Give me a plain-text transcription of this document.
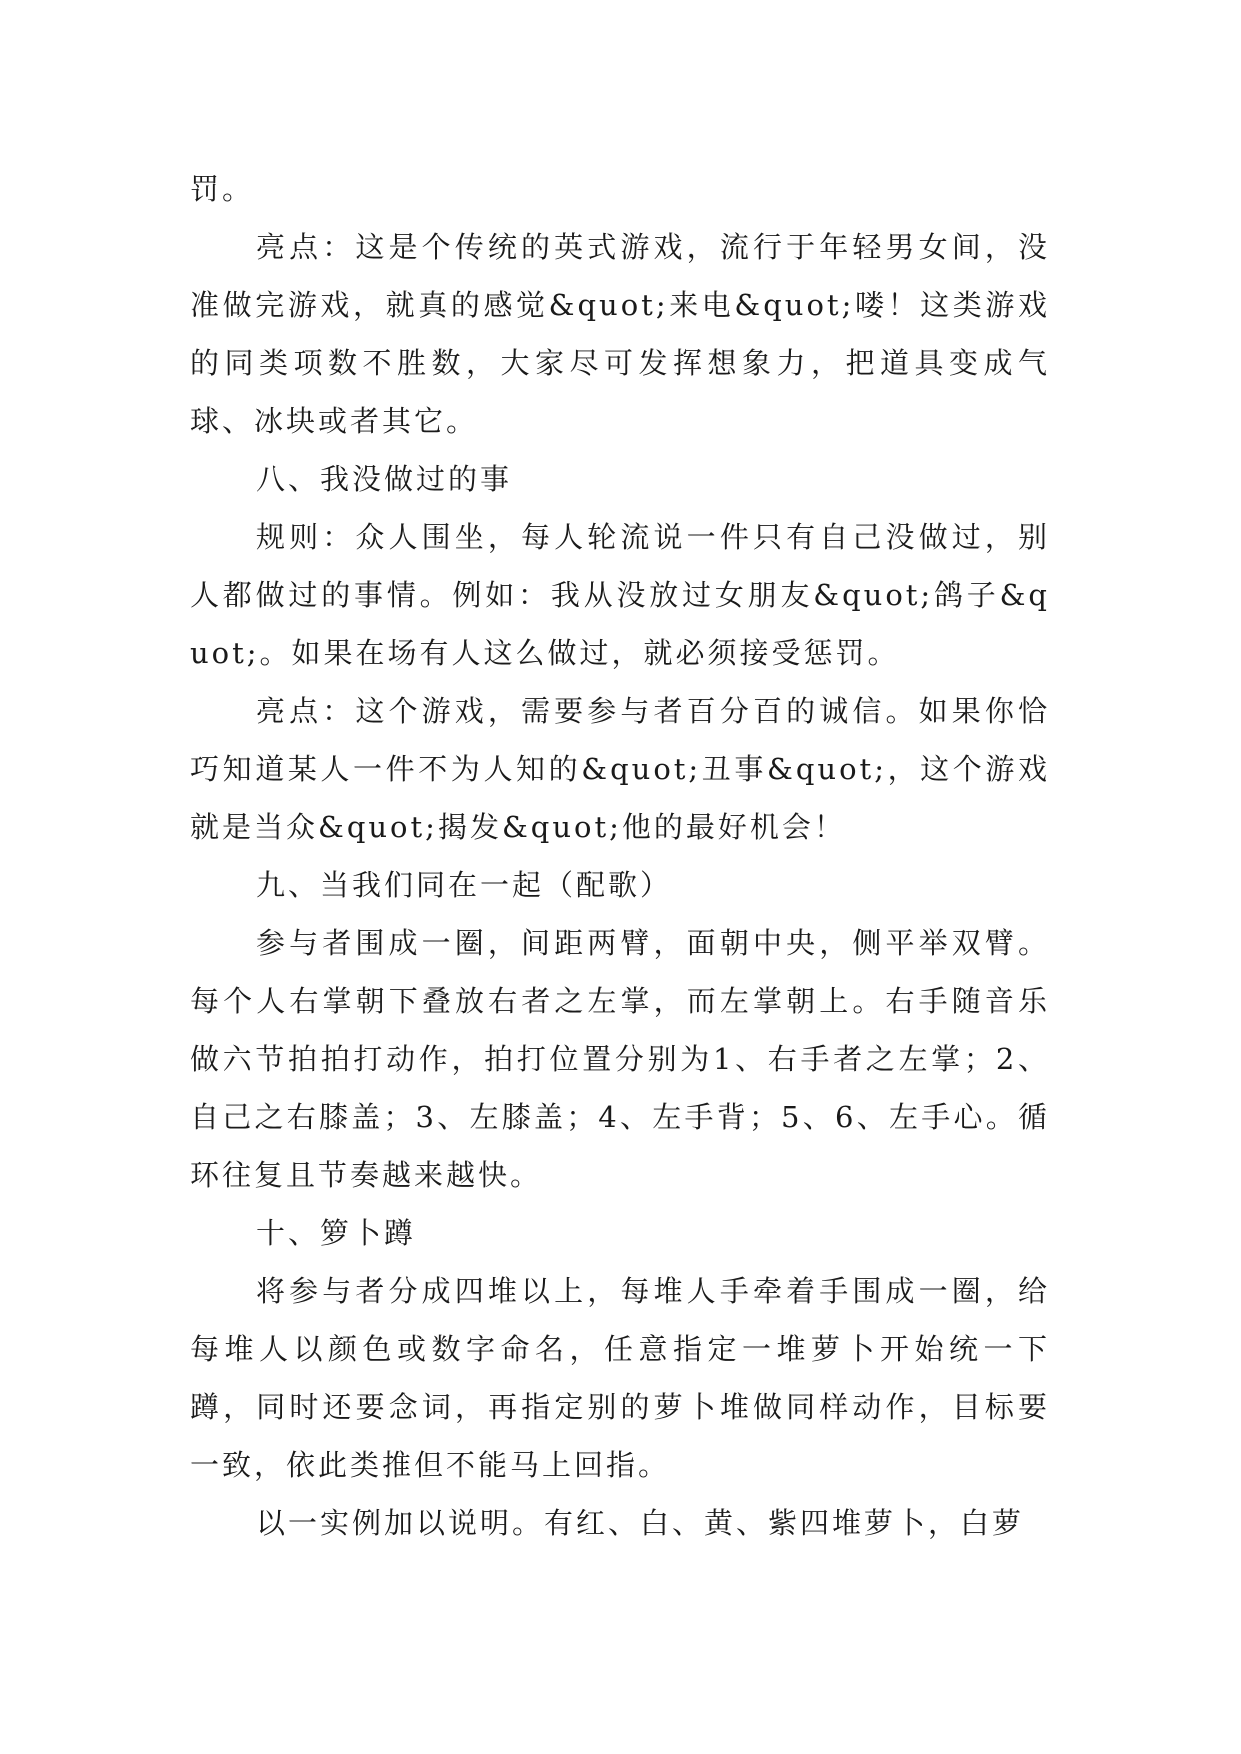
罚。

亮点：这是个传统的英式游戏，流行于年轻男女间，没准做完游戏，就真的感觉&quot;来电&quot;喽！这类游戏的同类项数不胜数，大家尽可发挥想象力，把道具变成气球、冰块或者其它。

八、我没做过的事

规则：众人围坐，每人轮流说一件只有自己没做过，别人都做过的事情。例如：我从没放过女朋友&quot;鸽子&quot;。如果在场有人这么做过，就必须接受惩罚。

亮点：这个游戏，需要参与者百分百的诚信。如果你恰巧知道某人一件不为人知的&quot;丑事&quot;，这个游戏就是当众&quot;揭发&quot;他的最好机会！

九、当我们同在一起（配歌）

参与者围成一圈，间距两臂，面朝中央，侧平举双臂。每个人右掌朝下叠放右者之左掌，而左掌朝上。右手随音乐做六节拍拍打动作，拍打位置分别为1、右手者之左掌；2、自己之右膝盖；3、左膝盖；4、左手背；5、6、左手心。循环往复且节奏越来越快。

十、箩卜蹲

将参与者分成四堆以上，每堆人手牵着手围成一圈，给每堆人以颜色或数字命名，任意指定一堆萝卜开始统一下蹲，同时还要念词，再指定别的萝卜堆做同样动作，目标要一致，依此类推但不能马上回指。

以一实例加以说明。有红、白、黄、紫四堆萝卜，白萝
